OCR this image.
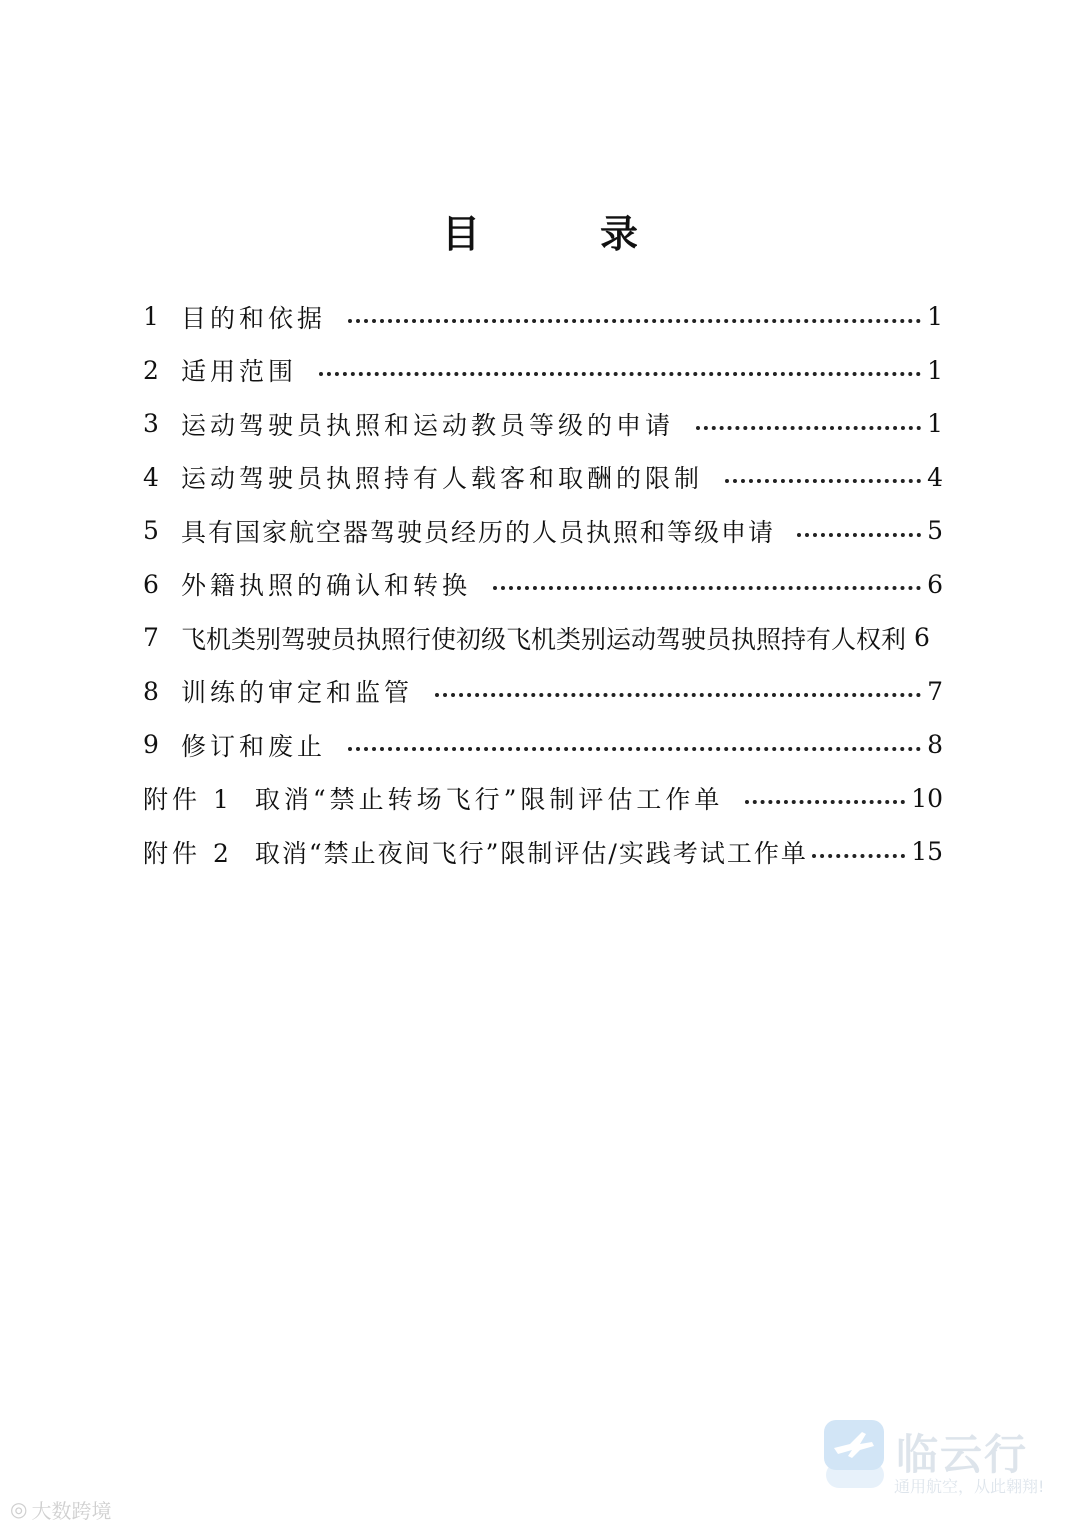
目	录
1 目的和依据	1
2 适用范围	1
3 运动驾驶员执照和运动教员等级的申请	1
4 运动驾驶员执照持有人载客和取酬的限制	4
5 具有国家航空器驾驶员经历的人员执照和等级申请	5
6 外籍执照的确认和转换	6
7 飞机类别驾驶员执照行使初级飞机类别运动驾驶员执照持有人权利 6
8 训练的审定和监管	7
9 修订和废止	8
附件 1 取消“禁止转场飞行”限制评估工作单	10
附件 2 取消“禁止夜间飞行”限制评估/实践考试工作单	15
临云行
通用航空，从此翱翔!
◎ 大数跨境
